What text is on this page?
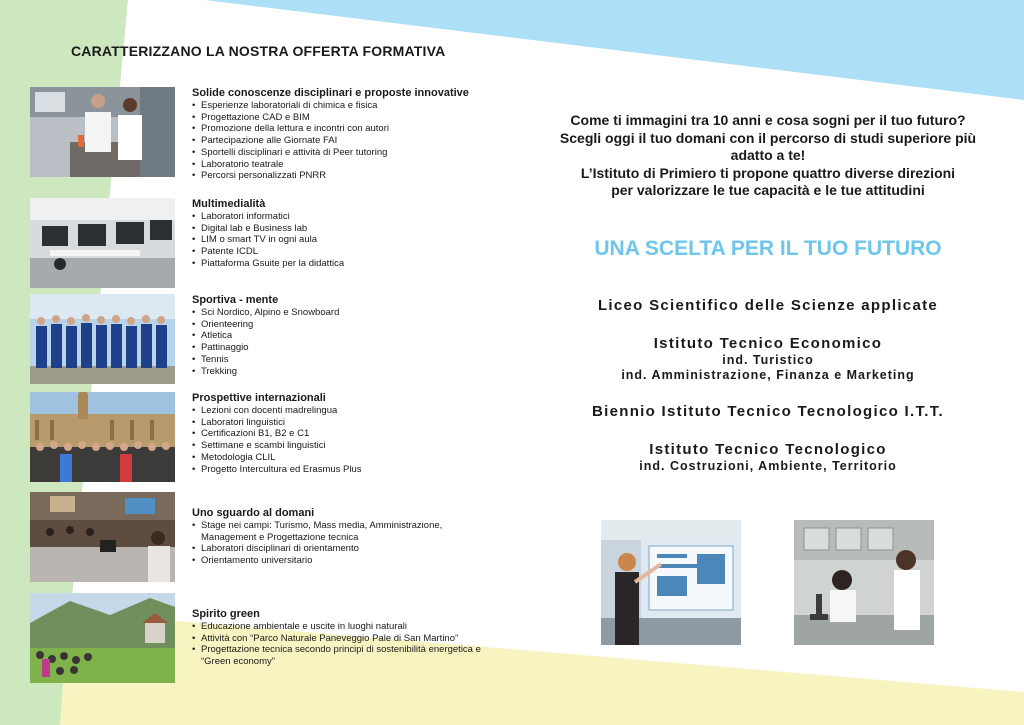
CARATTERIZZANO LA NOSTRA OFFERTA FORMATIVA
Solide conoscenze disciplinari e proposte innovative
• Esperienze laboratoriali di chimica e fisica
• Progettazione CAD e BIM
• Promozione della lettura e incontri con autori
• Partecipazione alle Giornate FAI
• Sportelli disciplinari e attività di Peer tutoring
• Laboratorio teatrale
• Percorsi personalizzati PNRR
Multimedialità
• Laboratori informatici
• Digital lab e Business lab
• LIM o smart TV in ogni aula
• Patente ICDL
• Piattaforma Gsuite per la didattica
Sportiva - mente
• Sci Nordico, Alpino e Snowboard
• Orienteering
• Atletica
• Pattinaggio
• Tennis
• Trekking
Prospettive internazionali
• Lezioni con docenti madrelingua
• Laboratori linguistici
• Certificazioni B1, B2 e C1
• Settimane e scambi linguistici
• Metodologia CLIL
• Progetto Intercultura ed Erasmus Plus
Uno sguardo al domani
• Stage nei campi: Turismo, Mass media, Amministrazione, Management e Progettazione tecnica
• Laboratori disciplinari di orientamento
• Orientamento universitario
Spirito green
• Educazione ambientale e uscite in luoghi naturali
• Attività con “Parco Naturale Paneveggio Pale di San Martino”
• Progettazione tecnica secondo principi di sostenibilità energetica e “Green economy”

Come ti immagini tra 10 anni e cosa sogni per il tuo futuro?

Scegli oggi il tuo domani con il percorso di studi superiore più adatto a te!

L’Istituto di Primiero ti propone quattro diverse direzioni

per valorizzare le tue capacità e le tue attitudini

UNA SCELTA PER IL TUO FUTURO

Liceo Scientifico delle Scienze applicate

Istituto Tecnico Economico

ind. Turistico

ind. Amministrazione, Finanza e Marketing

Biennio Istituto Tecnico Tecnologico I.T.T.

Istituto Tecnico Tecnologico

ind. Costruzioni, Ambiente, Territorio
